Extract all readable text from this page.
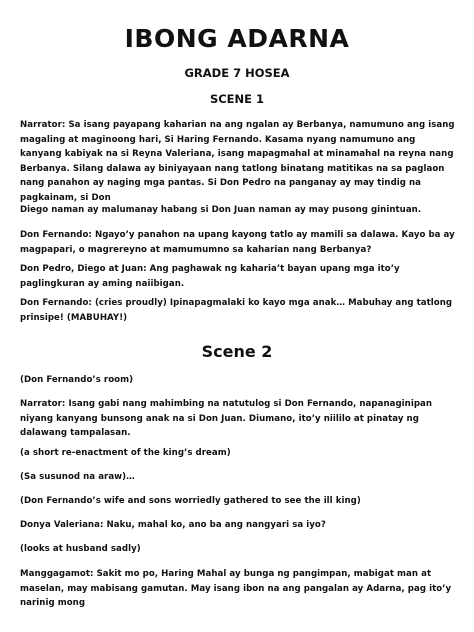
IBONG ADARNA
GRADE 7 HOSEA
SCENE 1

Narrator: Sa isang payapang kaharian na ang ngalan ay Berbanya, namumuno ang isang magaling at maginoong hari, Si Haring Fernando. Kasama nyang namumuno ang kanyang kabiyak na si Reyna Valeriana, isang mapagmahal at minamahal na reyna nang Berbanya. Silang dalawa ay biniyayaan nang tatlong binatang matitikas na sa paglaon nang panahon ay naging mga pantas. Si Don Pedro na panganay ay may tindig na pagkainam, si Don

Diego naman ay malumanay habang si Don Juan naman ay may pusong ginintuan.

Don Fernando: Ngayo’y panahon na upang kayong tatlo ay mamili sa dalawa. Kayo ba ay magpapari, o magrereyno at mamumumno sa kaharian nang Berbanya?

Don Pedro, Diego at Juan: Ang paghawak ng kaharia’t bayan upang mga ito’y paglingkuran ay aming naiibigan.

Don Fernando: (cries proudly) Ipinapagmalaki ko kayo mga anak… Mabuhay ang tatlong prinsipe! (MABUHAY!)

Scene 2

(Don Fernando’s room)

Narrator: Isang gabi nang mahimbing na natutulog si Don Fernando, napanaginipan niyang kanyang bunsong anak na si Don Juan. Diumano, ito’y niililo at pinatay ng dalawang tampalasan.

(a short re-enactment of the king’s dream)

(Sa susunod na araw)…

(Don Fernando’s wife and sons worriedly gathered to see the ill king)

Donya Valeriana: Naku, mahal ko, ano ba ang nangyari sa iyo?

(looks at husband sadly)

Manggagamot: Sakit mo po, Haring Mahal ay bunga ng pangimpan, mabigat man at maselan, may mabisang gamutan. May isang ibon na ang pangalan ay Adarna, pag ito’y narinig mong
